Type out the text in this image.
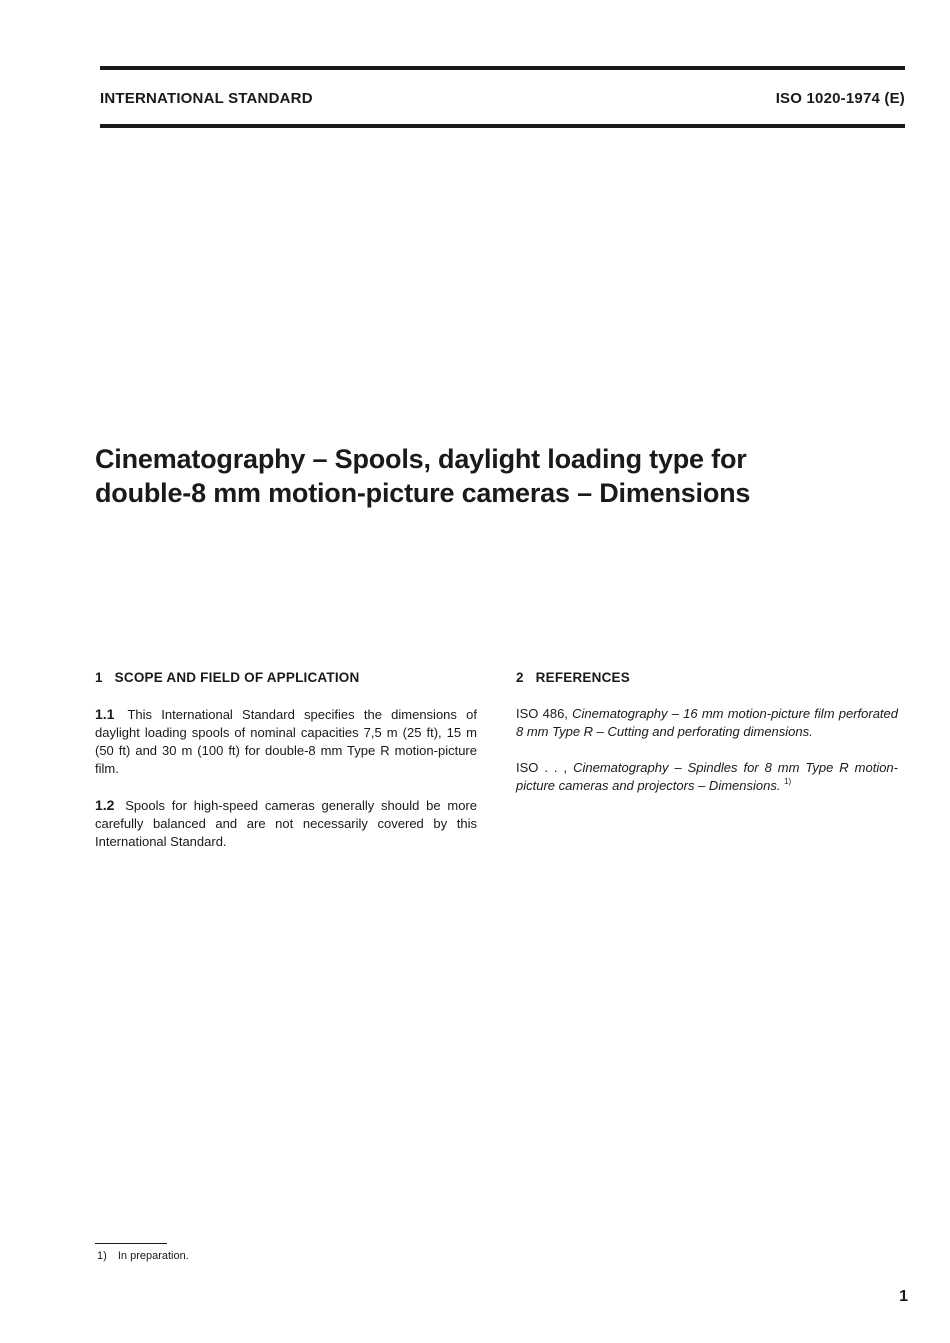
INTERNATIONAL STANDARD	ISO 1020-1974 (E)
Cinematography – Spools, daylight loading type for
double-8 mm motion-picture cameras – Dimensions
1 SCOPE AND FIELD OF APPLICATION

1.1 This International Standard specifies the dimensions of daylight loading spools of nominal capacities 7,5 m (25 ft), 15 m (50 ft) and 30 m (100 ft) for double-8 mm Type R motion-picture film.

1.2 Spools for high-speed cameras generally should be more carefully balanced and are not necessarily covered by this International Standard.

2 REFERENCES

ISO 486, Cinematography – 16 mm motion-picture film perforated 8 mm Type R – Cutting and perforating dimensions.

ISO . . , Cinematography – Spindles for 8 mm Type R motion-picture cameras and projectors – Dimensions. $^{1)}$

1) In preparation.
1
